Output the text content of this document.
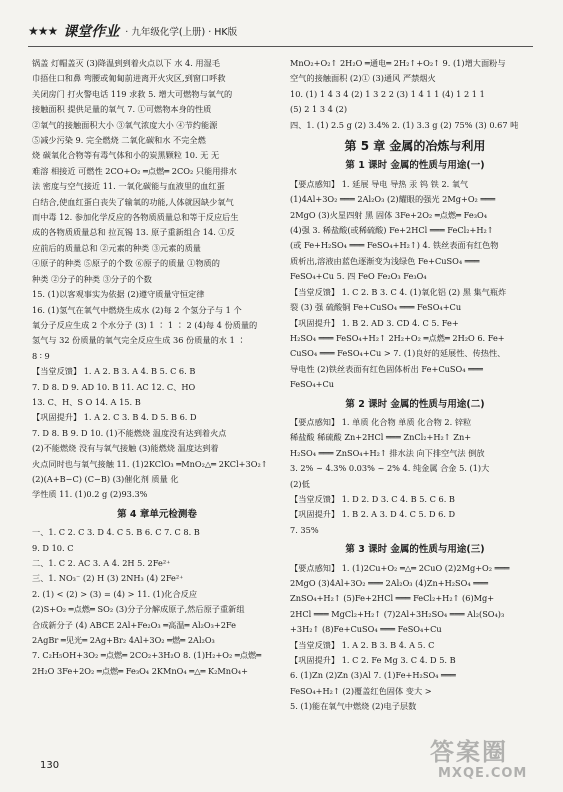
★★★ 课堂作业 · 九年级化学(上册) · HK版
锅盖 灯帽盖灭 (3)降温到到着火点以下 水 4. 用湿毛
巾捂住口和鼻 弯腰或匍匐前进离开火灾区,到窗口呼救
关闭房门 打火警电话 119 求救 5. 增大可燃物与氧气的
接触面积 提供足量的氧气 7. ①可燃物本身的性质
②氧气的接触面积大小 ③氧气浓度大小 ④节约能源
⑤减少污染 9. 完全燃烧 二氧化碳和水 不完全燃
烧 碳氧化合物等有毒气体和小的炭黑颗粒 10. 无 无
难溶 相接近 可燃性 2CO+O₂ ═点燃═ 2CO₂ 只能用排水
法 密度与空气接近 11. 一氧化碳能与血液里的血红蛋
白结合,使血红蛋白丧失了输氧的功能,人体就因缺少氧气
而中毒 12. 参加化学反应的各物质质量总和等于反应后生
成的各物质质量总和 拉瓦锡 13. 原子重新组合 14. ①反
应前后的质量总和 ②元素的种类 ③元素的质量
④原子的种类 ⑤原子的个数 ⑥原子的质量 ①物质的
种类 ②分子的种类 ③分子的个数
15. (1)以客观事实为依据 (2)遵守质量守恒定律
16. (1)氢气在氧气中燃烧生成水 (2)每 2 个氢分子与 1 个
氧分子反应生成 2 个水分子 (3) 1 ∶ 1 ∶ 2 (4)每 4 份质量的
氢气与 32 份质量的氧气完全反应生成 36 份质量的水 1 ∶
8 ∶ 9
【当堂反馈】 1. A 2. B 3. A 4. B 5. C 6. B
7. D 8. D 9. AD 10. B 11. AC 12. C、HO
13. C、H、S O 14. A 15. B
【巩固提升】 1. A 2. C 3. B 4. D 5. B 6. D
7. D 8. B 9. D 10. (1)不能燃烧 温度没有达到着火点
(2)不能燃烧 没有与氧气接触 (3)能燃烧 温度达到着
火点同时也与氧气接触 11. (1)2KClO₃ ═MnO₂△═ 2KCl+3O₂↑
(2)(A+B−C) (C−B) (3)催化剂 质量 化
学性质 11. (1)0.2 g (2)93.3%
第 4 章单元检测卷
一、1. C 2. C 3. D 4. C 5. B 6. C 7. C 8. B
9. D 10. C
二、1. C 2. AC 3. A 4. 2H 5. 2Fe²⁺
三、1. NO₃⁻ (2) H (3) 2NH₃ (4) 2Fe²⁺
2. (1) < (2) > (3) = (4) > 11. (1)化合反应
(2)S+O₂ ═点燃═ SO₂ (3)分子分解成原子,然后原子重新组
合成新分子 (4) ABCE 2Al+Fe₂O₃ ═高温═ Al₂O₃+2Fe
2AgBr ═见光═ 2Ag+Br₂ 4Al+3O₂ ═燃═ 2Al₂O₃
7. C₂H₅OH+3O₂ ═点燃═ 2CO₂+3H₂O 8. (1)H₂+O₂ ═点燃═
2H₂O 3Fe+2O₂ ═点燃═ Fe₃O₄ 2KMnO₄ ═△═ K₂MnO₄+
MnO₂+O₂↑ 2H₂O ═通电═ 2H₂↑+O₂↑ 9. (1)增大面粉与
空气的接触面积 (2)① (3)通风 严禁烟火
10. (1) 1 4 3 4 (2) 1 3 2 2 (3) 1 4 1 1 (4) 1 2 1 1
(5) 2 1 3 4 (2)
四、1. (1) 2.5 g (2) 3.4% 2. (1) 3.3 g (2) 75% (3) 0.67 吨
第 5 章 金属的冶炼与利用
第 1 课时 金属的性质与用途(一)
【要点感知】 1. 延展 导电 导热 汞 钨 铁 2. 氧气
(1)4Al+3O₂ ═══ 2Al₂O₃ (2)耀眼的强光 2Mg+O₂ ═══
2MgO (3)火星四射 黑 固体 3Fe+2O₂ ═点燃═ Fe₃O₄
(4)强 3. 稀盐酸(或稀硫酸) Fe+2HCl ═══ FeCl₂+H₂↑
(或 Fe+H₂SO₄ ═══ FeSO₄+H₂↑) 4. 铁丝表面有红色物
质析出,溶液由蓝色逐渐变为浅绿色 Fe+CuSO₄ ═══
FeSO₄+Cu 5. 四 FeO Fe₂O₃ Fe₃O₄
【当堂反馈】 1. C 2. B 3. C 4. (1)氧化铝 (2) 黑 集气瓶炸
裂 (3) 强 硫酸铜 Fe+CuSO₄ ═══ FeSO₄+Cu
【巩固提升】 1. B 2. AD 3. CD 4. C 5. Fe+
H₂SO₄ ═══ FeSO₄+H₂↑ 2H₂+O₂ ═点燃═ 2H₂O 6. Fe+
CuSO₄ ═══ FeSO₄+Cu > 7. (1)良好的延展性、传热性、
导电性 (2)铁丝表面有红色固体析出 Fe+CuSO₄ ═══
FeSO₄+Cu
第 2 课时 金属的性质与用途(二)
【要点感知】 1. 单质 化合物 单质 化合物 2. 锌粒
稀盐酸 稀硫酸 Zn+2HCl ═══ ZnCl₂+H₂↑ Zn+
H₂SO₄ ═══ ZnSO₄+H₂↑ 排水法 向下排空气法 倒放
3. 2% ~ 4.3% 0.03% ~ 2% 4. 纯金属 合金 5. (1)大
(2)低
【当堂反馈】 1. D 2. D 3. C 4. B 5. C 6. B
【巩固提升】 1. B 2. A 3. D 4. C 5. D 6. D
7. 35%
第 3 课时 金属的性质与用途(三)
【要点感知】 1. (1)2Cu+O₂ ═△═ 2CuO (2)2Mg+O₂ ═══
2MgO (3)4Al+3O₂ ═══ 2Al₂O₃ (4)Zn+H₂SO₄ ═══
ZnSO₄+H₂↑ (5)Fe+2HCl ═══ FeCl₂+H₂↑ (6)Mg+
2HCl ═══ MgCl₂+H₂↑ (7)2Al+3H₂SO₄ ═══ Al₂(SO₄)₃
+3H₂↑ (8)Fe+CuSO₄ ═══ FeSO₄+Cu
【当堂反馈】 1. A 2. B 3. B 4. A 5. C
【巩固提升】 1. C 2. Fe Mg 3. C 4. D 5. B
6. (1)Zn (2)Zn (3)Al 7. (1)Fe+H₂SO₄ ═══
FeSO₄+H₂↑ (2)覆盖红色固体 变大 >
5. (1)能在氧气中燃烧 (2)电子层数
130	答案圈
MXQE.COM
